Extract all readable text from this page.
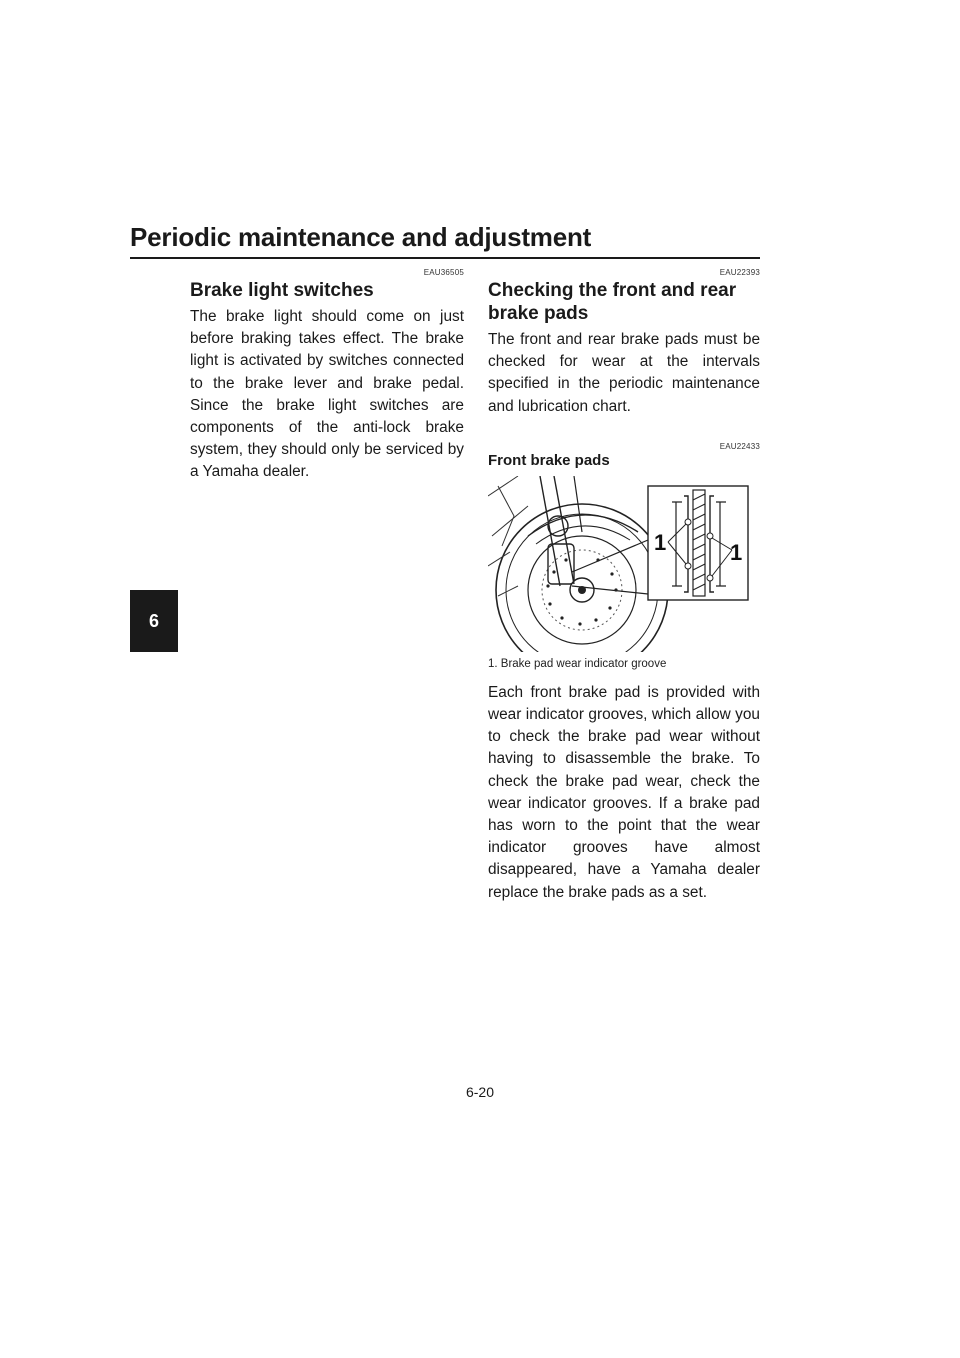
Periodic maintenance and adjustment
6
EAU36505
Brake light switches

The brake light should come on just before braking takes effect. The brake light is activated by switches connected to the brake lever and brake pedal. Since the brake light switches are components of the anti-lock brake system, they should only be serviced by a Yamaha dealer.

EAU22393
Checking the front and rear brake pads

The front and rear brake pads must be checked for wear at the intervals specified in the periodic maintenance and lubrication chart.

EAU22433
Front brake pads
1	1
1. Brake pad wear indicator groove

Each front brake pad is provided with wear indicator grooves, which allow you to check the brake pad wear without having to disassemble the brake. To check the brake pad wear, check the wear indicator grooves. If a brake pad has worn to the point that the wear indicator grooves have almost disappeared, have a Yamaha dealer replace the brake pads as a set.

6-20
